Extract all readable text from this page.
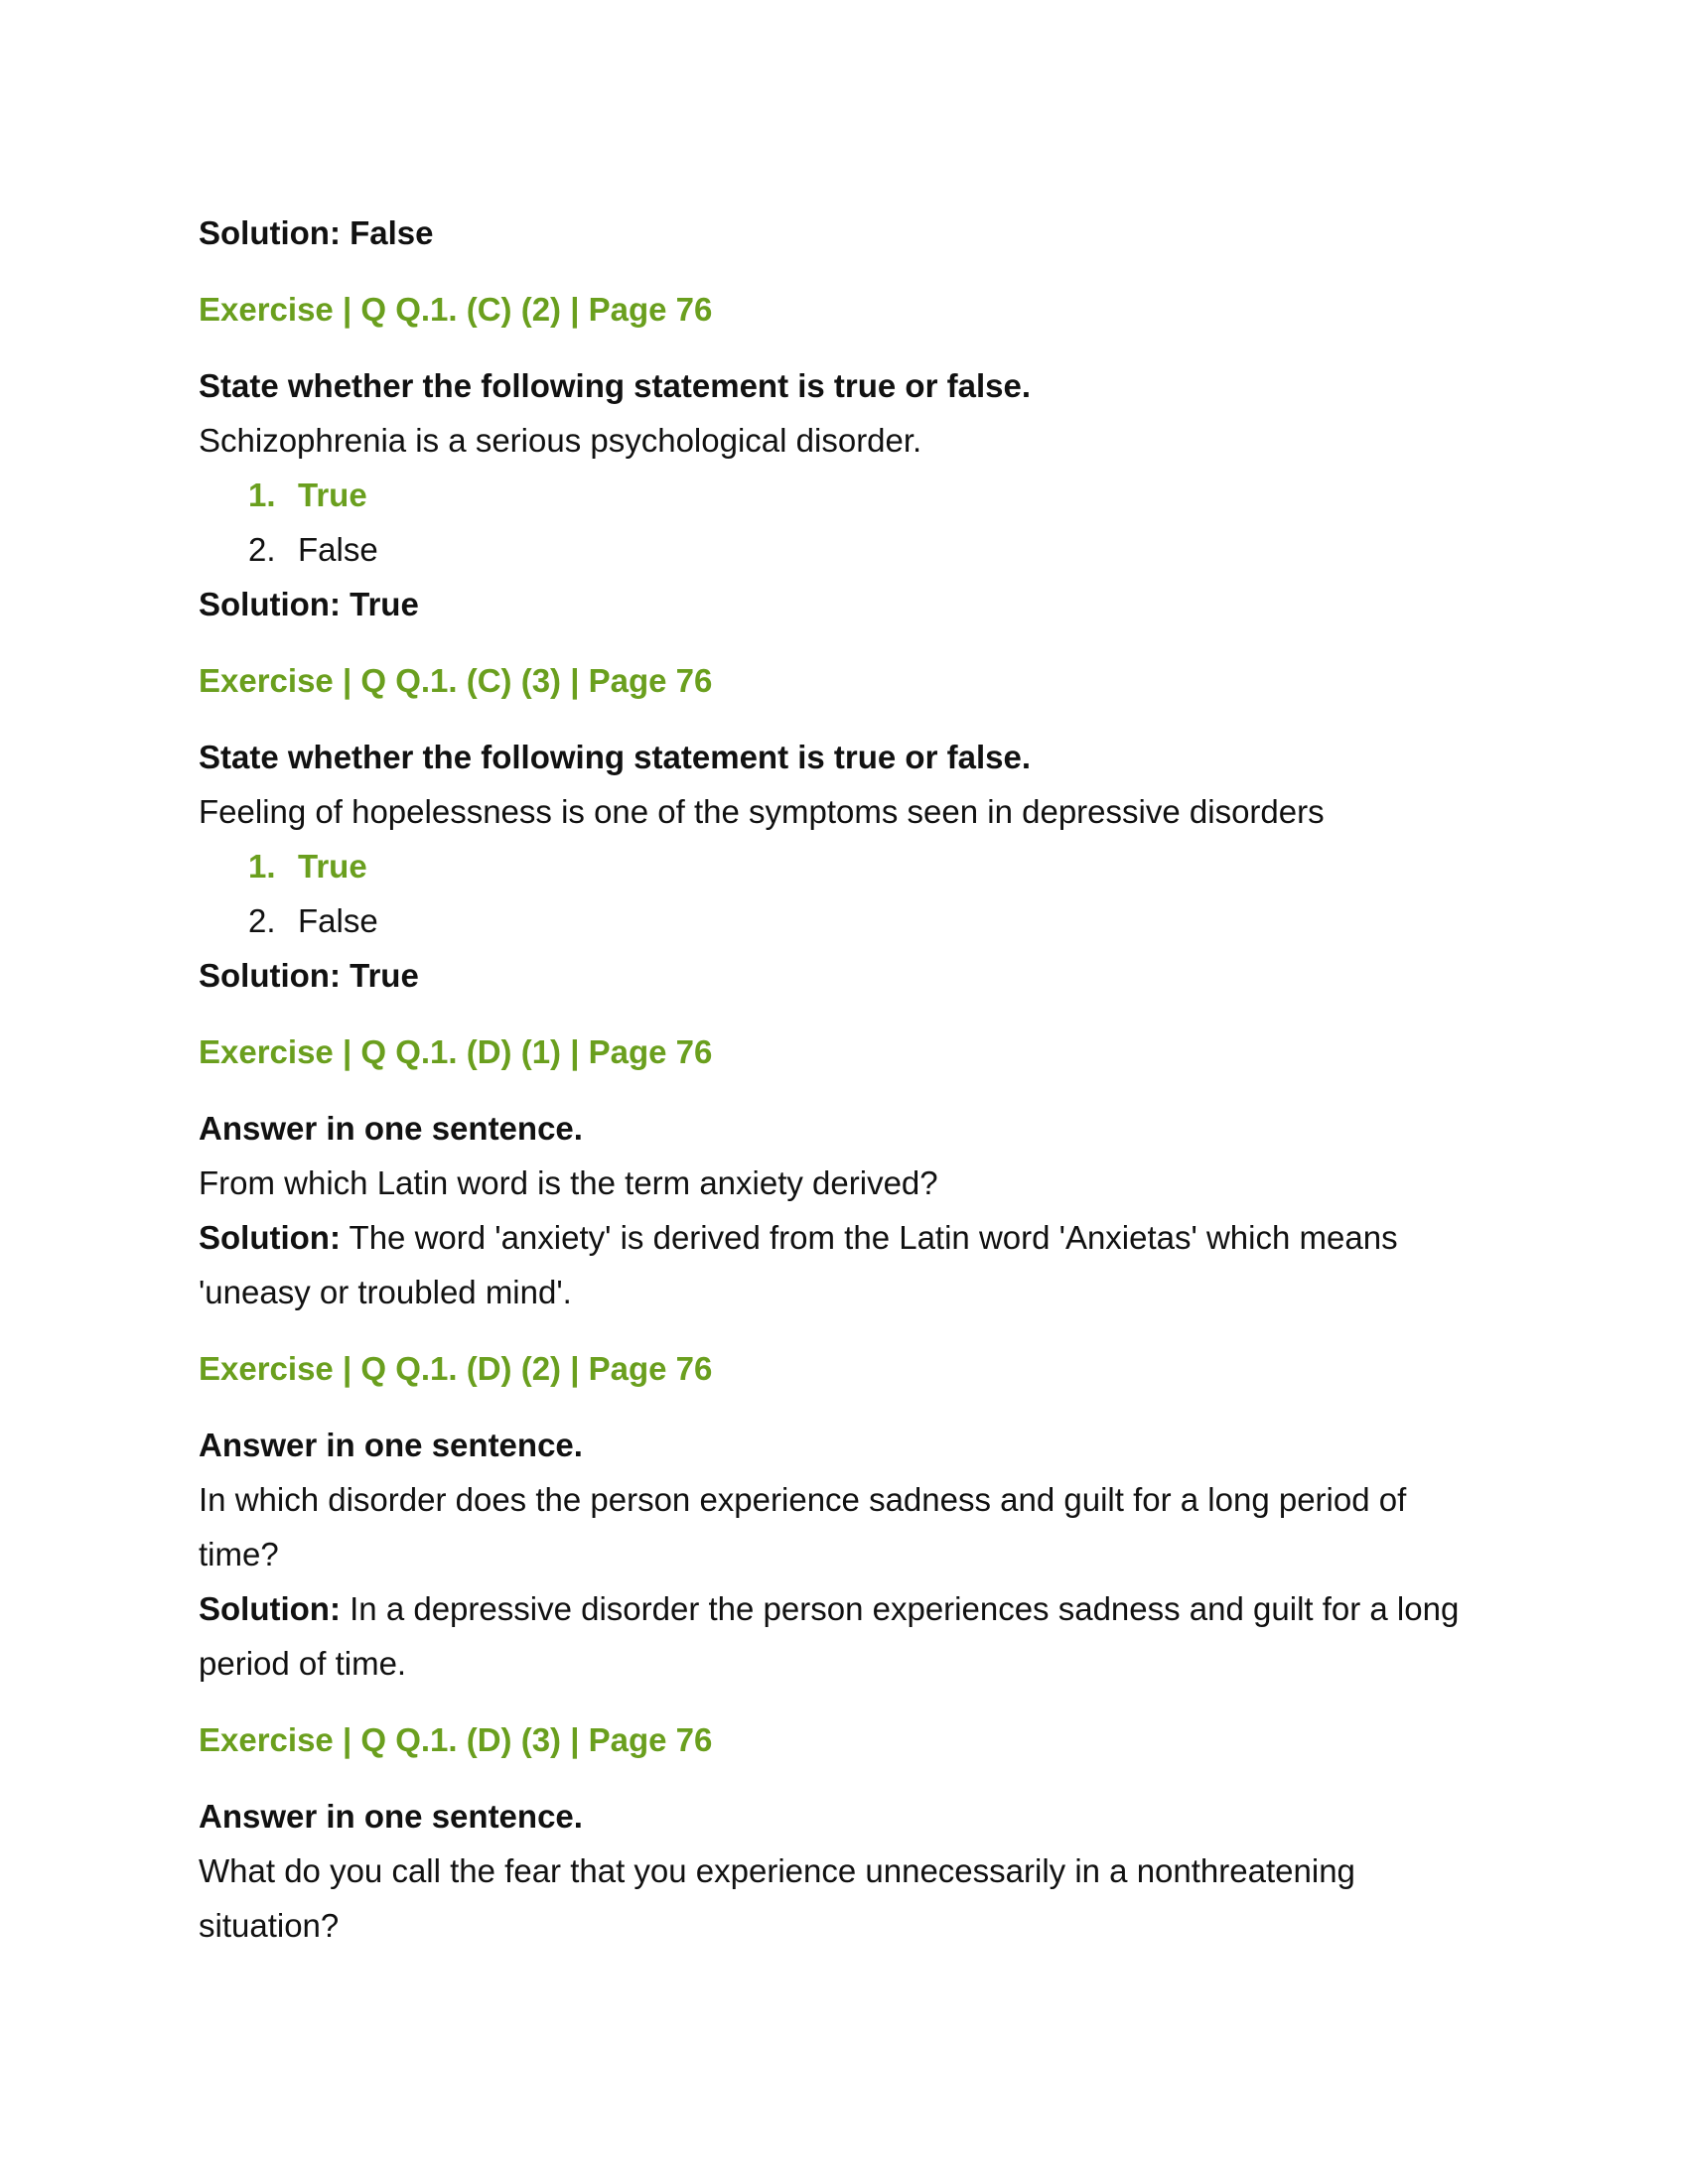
Solution: False

Exercise | Q Q.1. (C) (2) | Page 76

State whether the following statement is true or false.

Schizophrenia is a serious psychological disorder.

1. True
2. False

Solution: True

Exercise | Q Q.1. (C) (3) | Page 76

State whether the following statement is true or false.

Feeling of hopelessness is one of the symptoms seen in depressive disorders

1. True
2. False

Solution: True

Exercise | Q Q.1. (D) (1) | Page 76

Answer in one sentence.

From which Latin word is the term anxiety derived?

Solution: The word 'anxiety' is derived from the Latin word 'Anxietas' which means

'uneasy or troubled mind'.

Exercise | Q Q.1. (D) (2) | Page 76

Answer in one sentence.

In which disorder does the person experience sadness and guilt for a long period of

time?

Solution: In a depressive disorder the person experiences sadness and guilt for a long

period of time.

Exercise | Q Q.1. (D) (3) | Page 76

Answer in one sentence.

What do you call the fear that you experience unnecessarily in a nonthreatening

situation?
